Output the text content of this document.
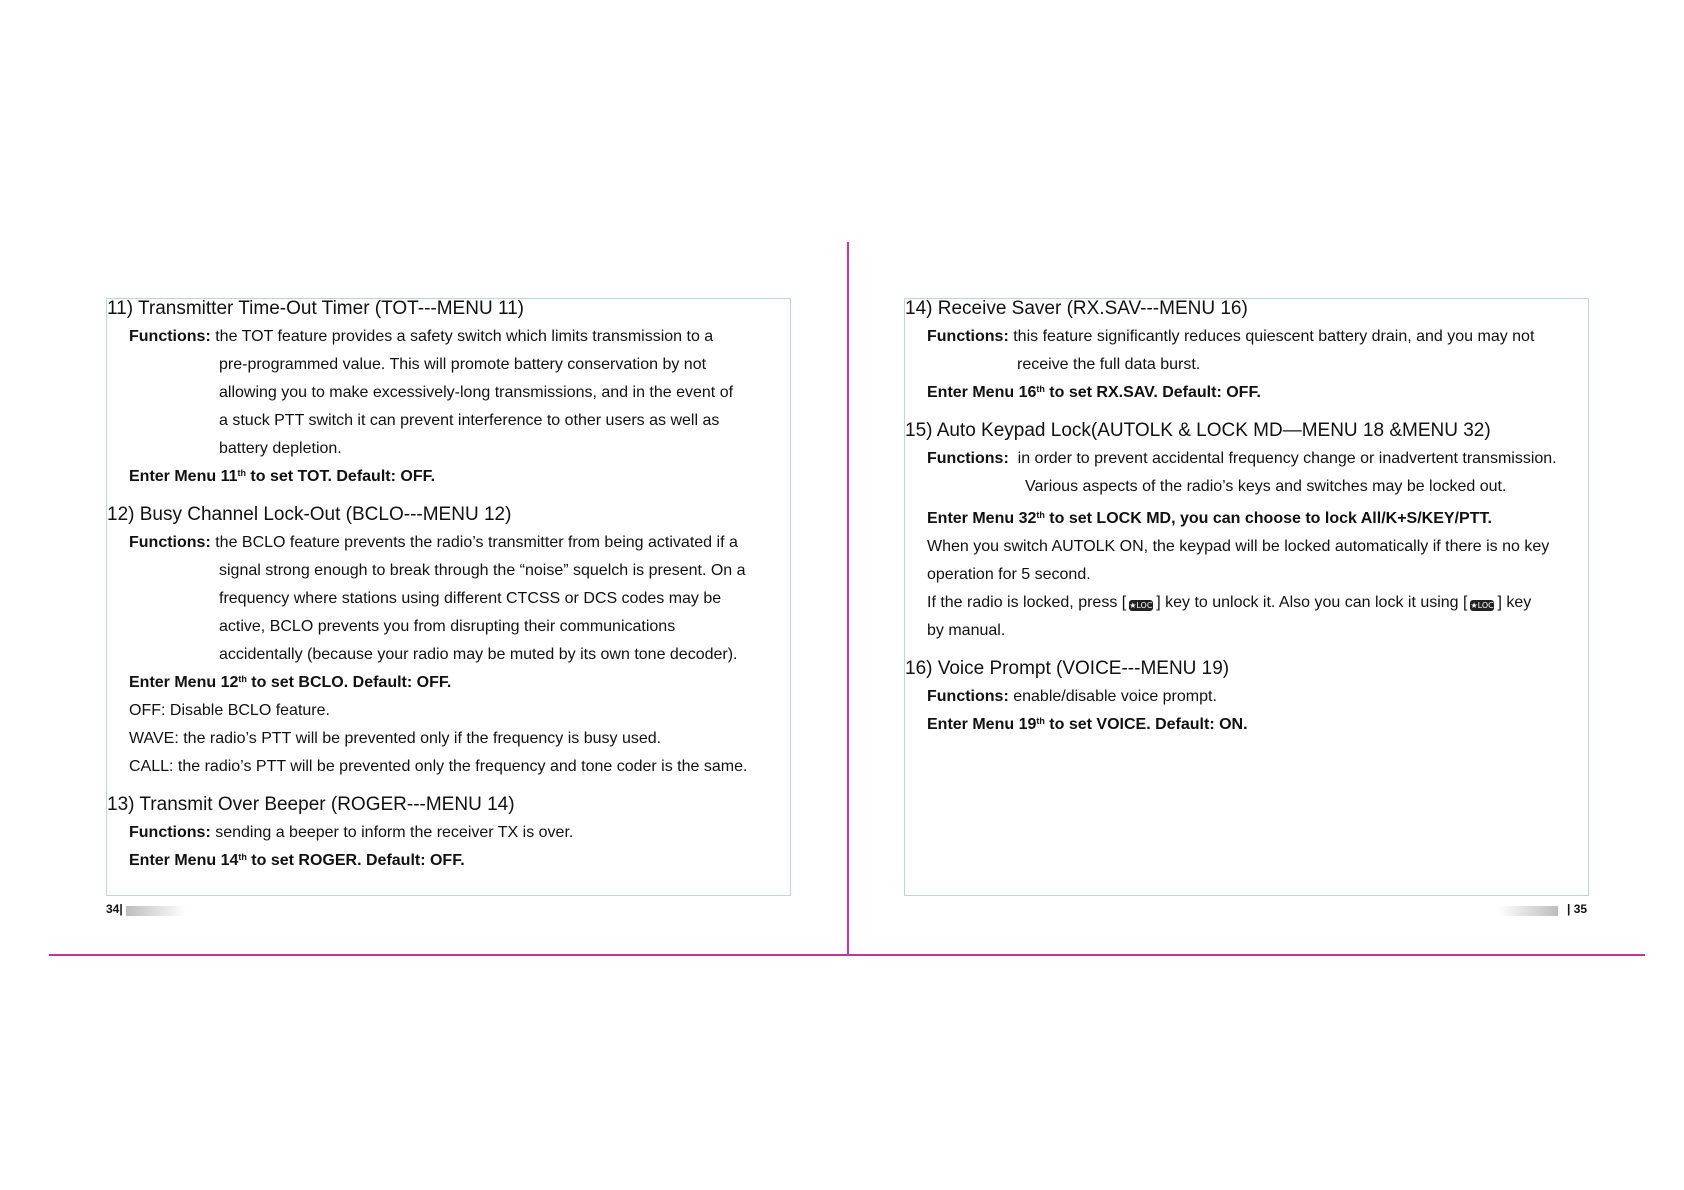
11) Transmitter Time-Out Timer (TOT---MENU 11)

Functions: the TOT feature provides a safety switch which limits transmission to a

pre-programmed value. This will promote battery conservation by not

allowing you to make excessively-long transmissions, and in the event of

a stuck PTT switch it can prevent interference to other users as well as

battery depletion.

Enter Menu 11th to set TOT. Default: OFF.

12) Busy Channel Lock-Out (BCLO---MENU 12)

Functions: the BCLO feature prevents the radio’s transmitter from being activated if a

signal strong enough to break through the “noise” squelch is present. On a

frequency where stations using different CTCSS or DCS codes may be

active, BCLO prevents you from disrupting their communications

accidentally (because your radio may be muted by its own tone decoder).

Enter Menu 12th to set BCLO. Default: OFF.

OFF: Disable BCLO feature.

WAVE: the radio’s PTT will be prevented only if the frequency is busy used.

CALL: the radio’s PTT will be prevented only the frequency and tone coder is the same.

13) Transmit Over Beeper (ROGER---MENU 14)

Functions: sending a beeper to inform the receiver TX is over.

Enter Menu 14th to set ROGER. Default: OFF.

34|

14) Receive Saver (RX.SAV---MENU 16)

Functions: this feature significantly reduces quiescent battery drain, and you may not

receive the full data burst.

Enter Menu 16th to set RX.SAV. Default: OFF.

15) Auto Keypad Lock(AUTOLK & LOCK MD—MENU 18 &MENU 32)

Functions: in order to prevent accidental frequency change or inadvertent transmission.

Various aspects of the radio’s keys and switches may be locked out.

Enter Menu 32th to set LOCK MD, you can choose to lock All/K+S/KEY/PTT.

When you switch AUTOLK ON, the keypad will be locked automatically if there is no key

operation for 5 second.

If the radio is locked, press [ ★LOCK] key to unlock it. Also you can lock it using [ ★LOCK] key

by manual.

16) Voice Prompt (VOICE---MENU 19)

Functions: enable/disable voice prompt.

Enter Menu 19th to set VOICE. Default: ON.

| 35
